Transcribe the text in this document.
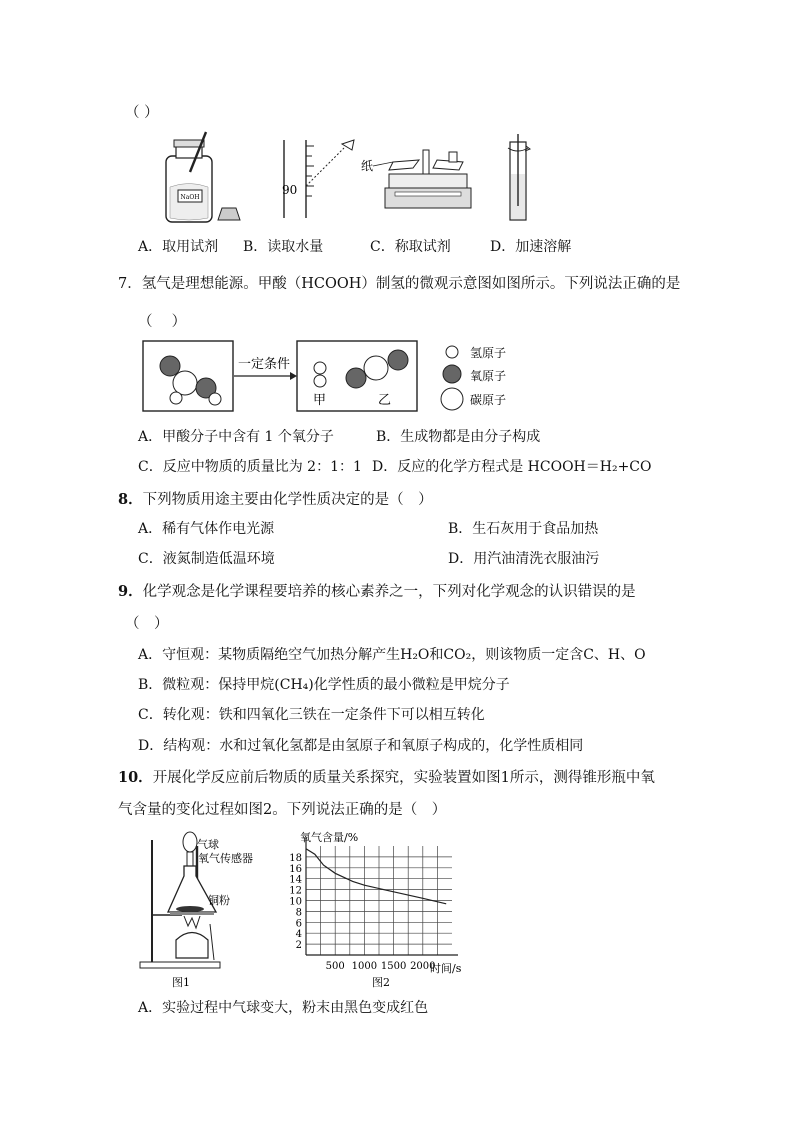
（ ）
NaOH
90
纸
A．取用试剂 B．读取水量	C．称取试剂	D．加速溶解
7．氢气是理想能源。甲酸（HCOOH）制氢的微观示意图如图所示。下列说法正确的是
（　 ）
一定条件
甲	乙
氢原子
氧原子
碳原子
A．甲酸分子中含有 1 个氧分子	B．生成物都是由分子构成
C．反应中物质的质量比为 2：1：1 D．反应的化学方程式是 HCOOH＝H₂+CO
8．下列物质用途主要由化学性质决定的是（　）
A．稀有气体作电光源	B．生石灰用于食品加热
C．液氮制造低温环境	D．用汽油清洗衣服油污
9．化学观念是化学课程要培养的核心素养之一，下列对化学观念的认识错误的是
（　）
A．守恒观：某物质隔绝空气加热分解产生H₂O和CO₂，则该物质一定含C、H、O
B．微粒观：保持甲烷(CH₄)化学性质的最小微粒是甲烷分子
C．转化观：铁和四氧化三铁在一定条件下可以相互转化
D．结构观：水和过氧化氢都是由氢原子和氧原子构成的，化学性质相同
10．开展化学反应前后物质的质量关系探究，实验装置如图1所示，测得锥形瓶中氧
气含量的变化过程如图2。下列说法正确的是（　）
气球
氧气传感器
铜粉
图1
2
4
6
8
10
12
14
16
18
500 1000 1500 2000
氧气含量/%
时间/s
图2
A．实验过程中气球变大，粉末由黑色变成红色
